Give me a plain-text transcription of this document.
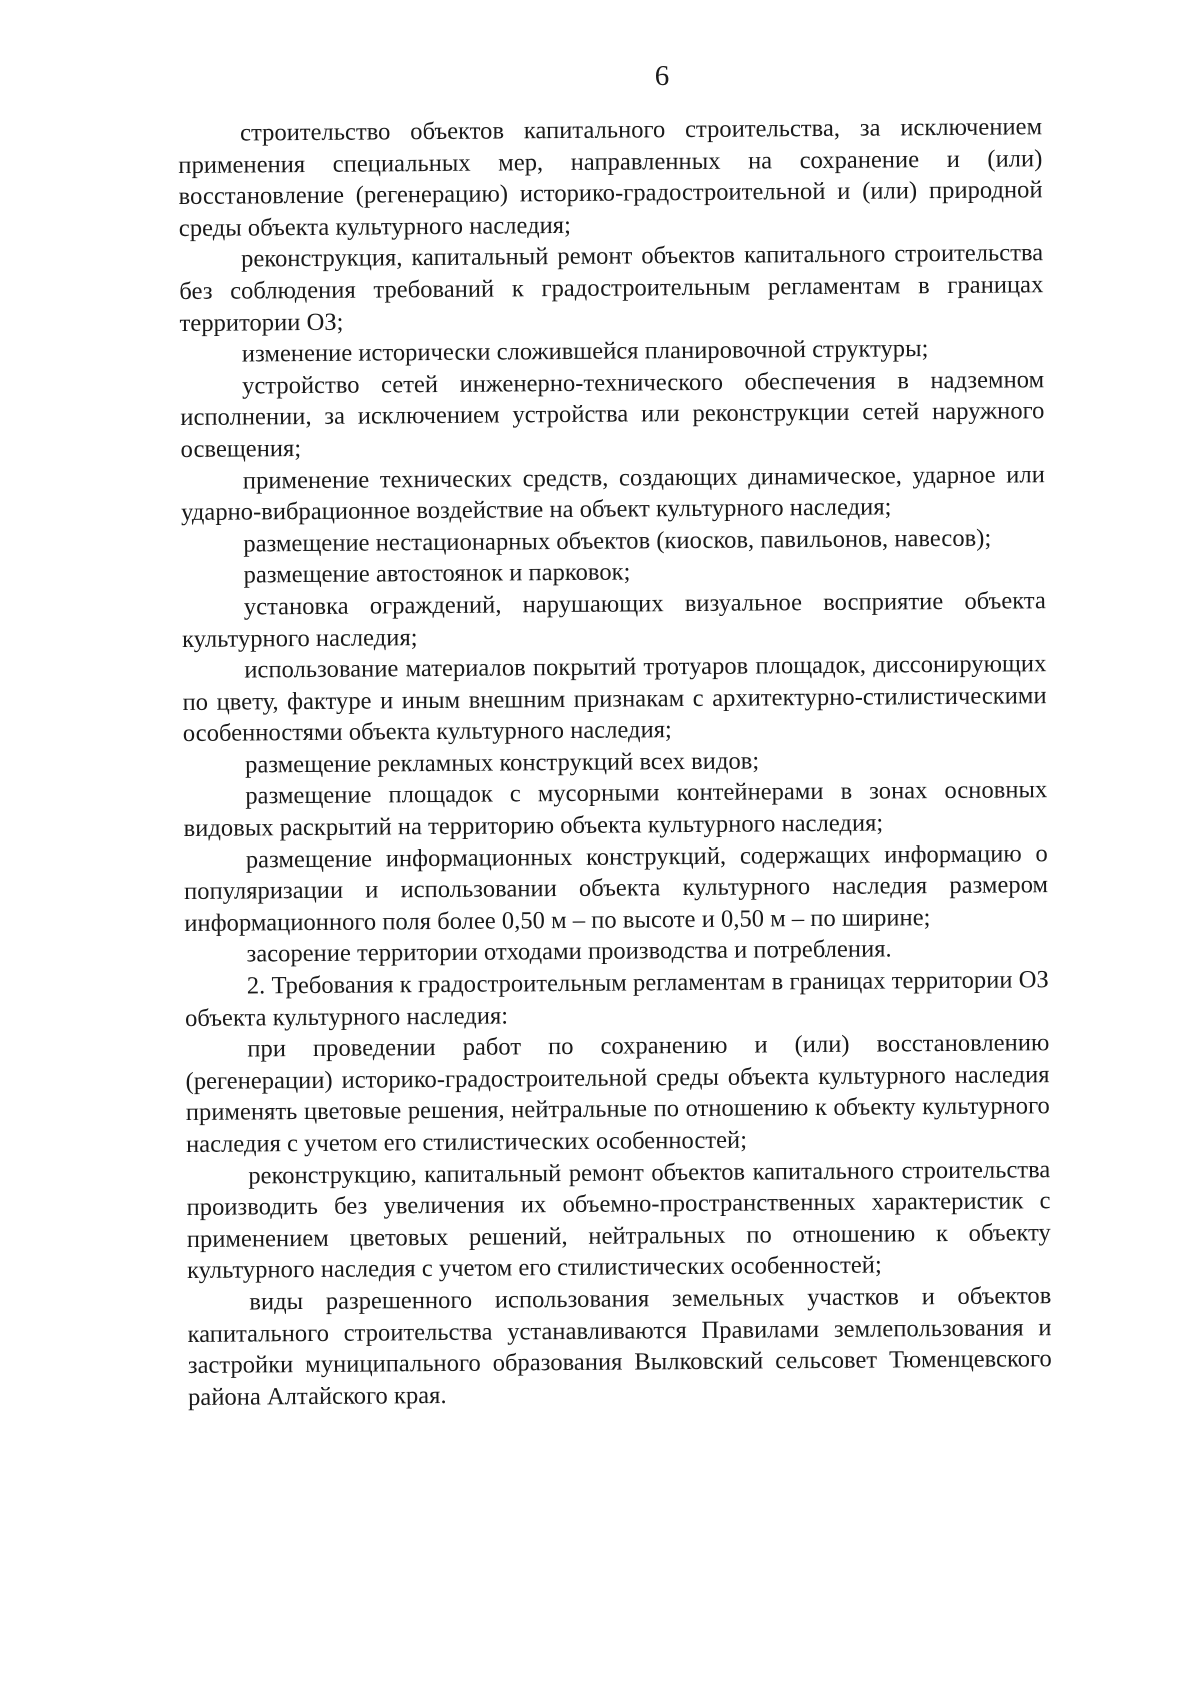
6

строительство объектов капитального строительства, за исключением применения специальных мер, направленных на сохранение и (или) восстановление (регенерацию) историко-градостроительной и (или) природной среды объекта культурного наследия;

реконструкция, капитальный ремонт объектов капитального строительства без соблюдения требований к градостроительным регламентам в границах территории ОЗ;

изменение исторически сложившейся планировочной структуры;

устройство сетей инженерно-технического обеспечения в надземном исполнении, за исключением устройства или реконструкции сетей наружного освещения;

применение технических средств, создающих динамическое, ударное или ударно-вибрационное воздействие на объект культурного наследия;

размещение нестационарных объектов (киосков, павильонов, навесов);

размещение автостоянок и парковок;

установка ограждений, нарушающих визуальное восприятие объекта культурного наследия;

использование материалов покрытий тротуаров площадок, диссонирующих по цвету, фактуре и иным внешним признакам с архитектурно-стилистическими особенностями объекта культурного наследия;

размещение рекламных конструкций всех видов;

размещение площадок с мусорными контейнерами в зонах основных видовых раскрытий на территорию объекта культурного наследия;

размещение информационных конструкций, содержащих информацию о популяризации и использовании объекта культурного наследия размером информационного поля более 0,50 м – по высоте и 0,50 м – по ширине;

засорение территории отходами производства и потребления.

2. Требования к градостроительным регламентам в границах территории ОЗ объекта культурного наследия:

при проведении работ по сохранению и (или) восстановлению (регенерации) историко-градостроительной среды объекта культурного наследия применять цветовые решения, нейтральные по отношению к объекту культурного наследия с учетом его стилистических особенностей;

реконструкцию, капитальный ремонт объектов капитального строительства производить без увеличения их объемно-пространственных характеристик с применением цветовых решений, нейтральных по отношению к объекту культурного наследия с учетом его стилистических особенностей;

виды разрешенного использования земельных участков и объектов капитального строительства устанавливаются Правилами землепользования и застройки муниципального образования Вылковский сельсовет Тюменцевского района Алтайского края.
